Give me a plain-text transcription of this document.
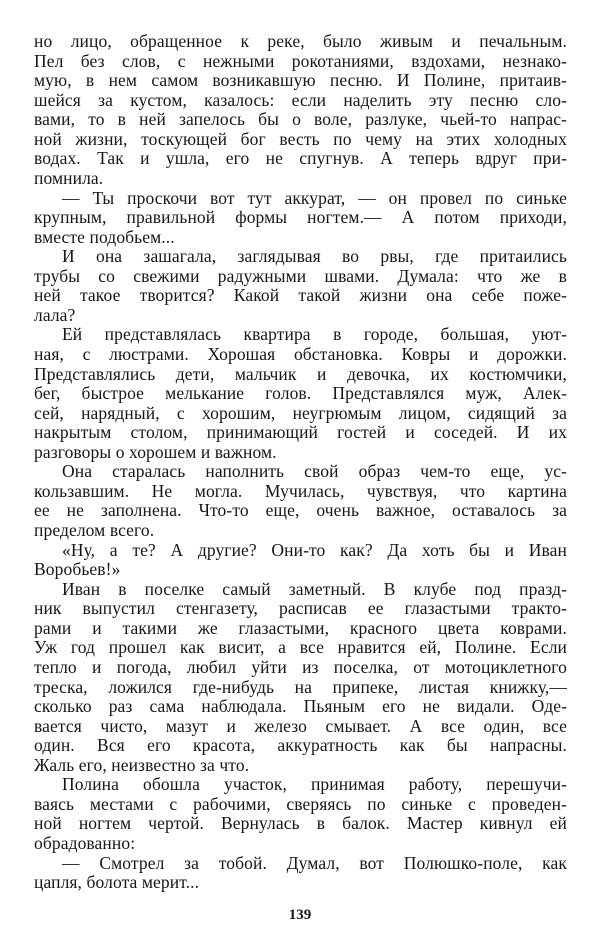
но лицо, обращенное к реке, было живым и печальным.
Пел без слов, с нежными рокотаниями, вздохами, незнако-
мую, в нем самом возникавшую песню. И Полине, притаив-
шейся за кустом, казалось: если наделить эту песню сло-
вами, то в ней запелось бы о воле, разлуке, чьей-то напрас-
ной жизни, тоскующей бог весть по чему на этих холодных
водах. Так и ушла, его не спугнув. А теперь вдруг при-
помнила.
— Ты проскочи вот тут аккурат, — он провел по синьке
крупным, правильной формы ногтем.— А потом приходи,
вместе подобьем...
И она зашагала, заглядывая во рвы, где притаились
трубы со свежими радужными швами. Думала: что же в
ней такое творится? Какой такой жизни она себе поже-
лала?
Ей представлялась квартира в городе, большая, уют-
ная, с люстрами. Хорошая обстановка. Ковры и дорожки.
Представлялись дети, мальчик и девочка, их костюмчики,
бег, быстрое мелькание голов. Представлялся муж, Алек-
сей, нарядный, с хорошим, неугрюмым лицом, сидящий за
накрытым столом, принимающий гостей и соседей. И их
разговоры о хорошем и важном.
Она старалась наполнить свой образ чем-то еще, ус-
кользавшим. Не могла. Мучилась, чувствуя, что картина
ее не заполнена. Что-то еще, очень важное, оставалось за
пределом всего.
«Ну, а те? А другие? Они-то как? Да хоть бы и Иван
Воробьев!»
Иван в поселке самый заметный. В клубе под празд-
ник выпустил стенгазету, расписав ее глазастыми тракто-
рами и такими же глазастыми, красного цвета коврами.
Уж год прошел как висит, а все нравится ей, Полине. Если
тепло и погода, любил уйти из поселка, от мотоциклетного
треска, ложился где-нибудь на припеке, листая книжку,—
сколько раз сама наблюдала. Пьяным его не видали. Оде-
вается чисто, мазут и железо смывает. А все один, все
один. Вся его красота, аккуратность как бы напрасны.
Жаль его, неизвестно за что.
Полина обошла участок, принимая работу, перешучи-
ваясь местами с рабочими, сверяясь по синьке с проведен-
ной ногтем чертой. Вернулась в балок. Мастер кивнул ей
обрадованно:
— Смотрел за тобой. Думал, вот Полюшко-поле, как
цапля, болота мерит...
139
